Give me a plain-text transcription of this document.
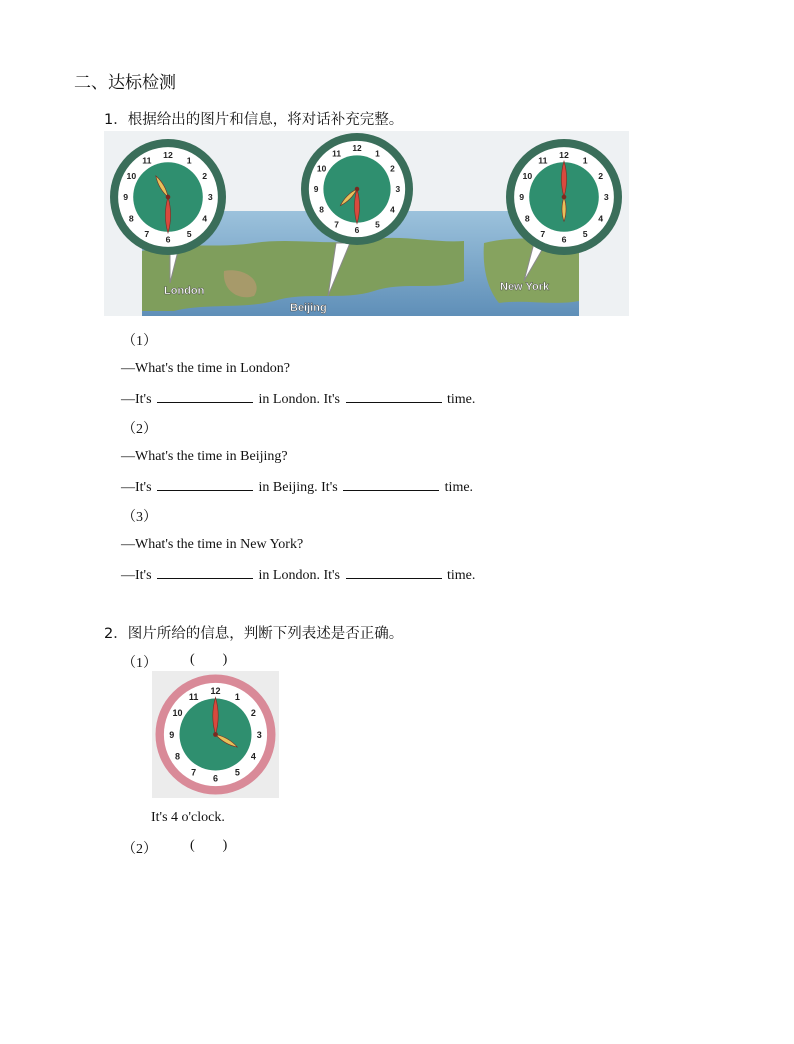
二、达标检测
1．根据给出的图片和信息，将对话补充完整。
London
Beijing
New York
12
1
2
3
4
5
6
7
8
9
10
11
12
1
2
3
4
5
6
7
8
9
10
11	12
1
2
3
4
5
6
7
8
9
10
11
（1）
—What's the time in London?
—It's	in London. It's	time.
（2）
—What's the time in Beijing?
—It's	in Beijing. It's	time.
（3）
—What's the time in New York?
—It's	in London. It's	time.
2．图片所给的信息，判断下列表述是否正确。
（1） (        )
12
1
2
3
4
5
6
7
8
9
10
11
It's 4 o'clock.
（2） (        )
